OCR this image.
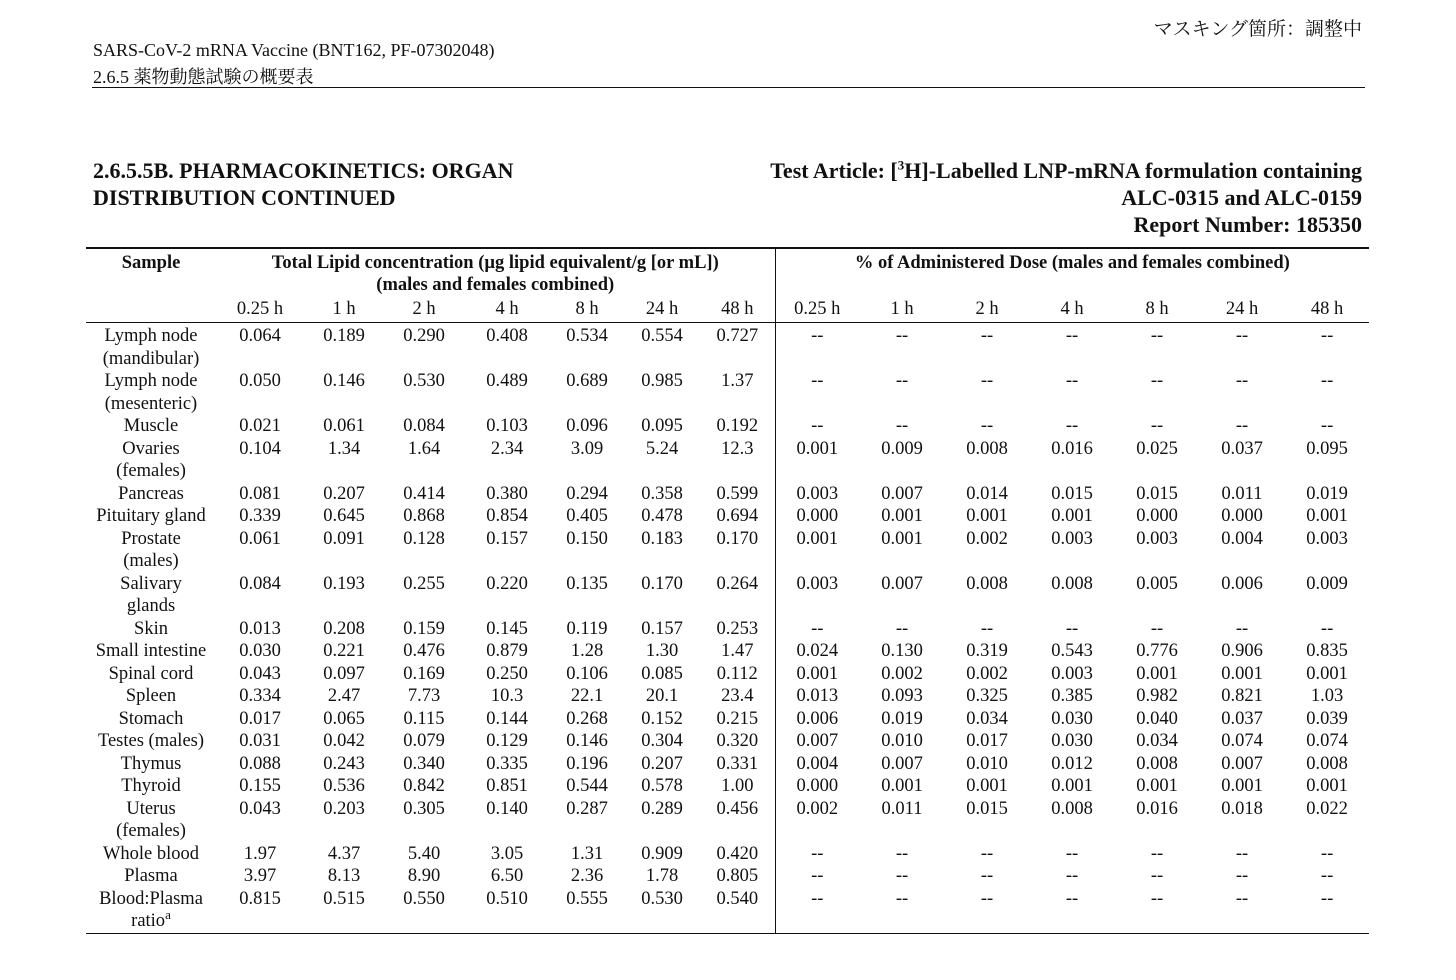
マスキング箇所：調整中
SARS-CoV-2 mRNA Vaccine (BNT162, PF-07302048)
2.6.5 薬物動態試験の概要表
2.6.5.5B. PHARMACOKINETICS: ORGAN
DISTRIBUTION CONTINUED
Test Article: [$^3$H]-Labelled LNP-mRNA formulation containing
ALC-0315 and ALC-0159
Report Number: 185350
Sample	Total Lipid concentration (µg lipid equivalent/g [or mL])
(males and females combined)							% of Administered Dose (males and females combined)						
	0.25 h	1 h	2 h	4 h	8 h	24 h	48 h	0.25 h	1 h	2 h	4 h	8 h	24 h	48 h

Lymph node
(mandibular)	0.064	0.189	0.290	0.408	0.534	0.554	0.727	--	--	--	--	--	--	--

Lymph node
(mesenteric)	0.050	0.146	0.530	0.489	0.689	0.985	1.37	--	--	--	--	--	--	--

Muscle	0.021	0.061	0.084	0.103	0.096	0.095	0.192	--	--	--	--	--	--	--

Ovaries
(females)	0.104	1.34	1.64	2.34	3.09	5.24	12.3	0.001	0.009	0.008	0.016	0.025	0.037	0.095

Pancreas	0.081	0.207	0.414	0.380	0.294	0.358	0.599	0.003	0.007	0.014	0.015	0.015	0.011	0.019

Pituitary gland	0.339	0.645	0.868	0.854	0.405	0.478	0.694	0.000	0.001	0.001	0.001	0.000	0.000	0.001

Prostate
(males)	0.061	0.091	0.128	0.157	0.150	0.183	0.170	0.001	0.001	0.002	0.003	0.003	0.004	0.003

Salivary
glands	0.084	0.193	0.255	0.220	0.135	0.170	0.264	0.003	0.007	0.008	0.008	0.005	0.006	0.009

Skin	0.013	0.208	0.159	0.145	0.119	0.157	0.253	--	--	--	--	--	--	--

Small intestine	0.030	0.221	0.476	0.879	1.28	1.30	1.47	0.024	0.130	0.319	0.543	0.776	0.906	0.835

Spinal cord	0.043	0.097	0.169	0.250	0.106	0.085	0.112	0.001	0.002	0.002	0.003	0.001	0.001	0.001

Spleen	0.334	2.47	7.73	10.3	22.1	20.1	23.4	0.013	0.093	0.325	0.385	0.982	0.821	1.03

Stomach	0.017	0.065	0.115	0.144	0.268	0.152	0.215	0.006	0.019	0.034	0.030	0.040	0.037	0.039

Testes (males)	0.031	0.042	0.079	0.129	0.146	0.304	0.320	0.007	0.010	0.017	0.030	0.034	0.074	0.074

Thymus	0.088	0.243	0.340	0.335	0.196	0.207	0.331	0.004	0.007	0.010	0.012	0.008	0.007	0.008

Thyroid	0.155	0.536	0.842	0.851	0.544	0.578	1.00	0.000	0.001	0.001	0.001	0.001	0.001	0.001

Uterus
(females)	0.043	0.203	0.305	0.140	0.287	0.289	0.456	0.002	0.011	0.015	0.008	0.016	0.018	0.022

Whole blood	1.97	4.37	5.40	3.05	1.31	0.909	0.420	--	--	--	--	--	--	--

Plasma	3.97	8.13	8.90	6.50	2.36	1.78	0.805	--	--	--	--	--	--	--

Blood:Plasma
ratio$^a$	0.815	0.515	0.550	0.510	0.555	0.530	0.540	--	--	--	--	--	--	--
